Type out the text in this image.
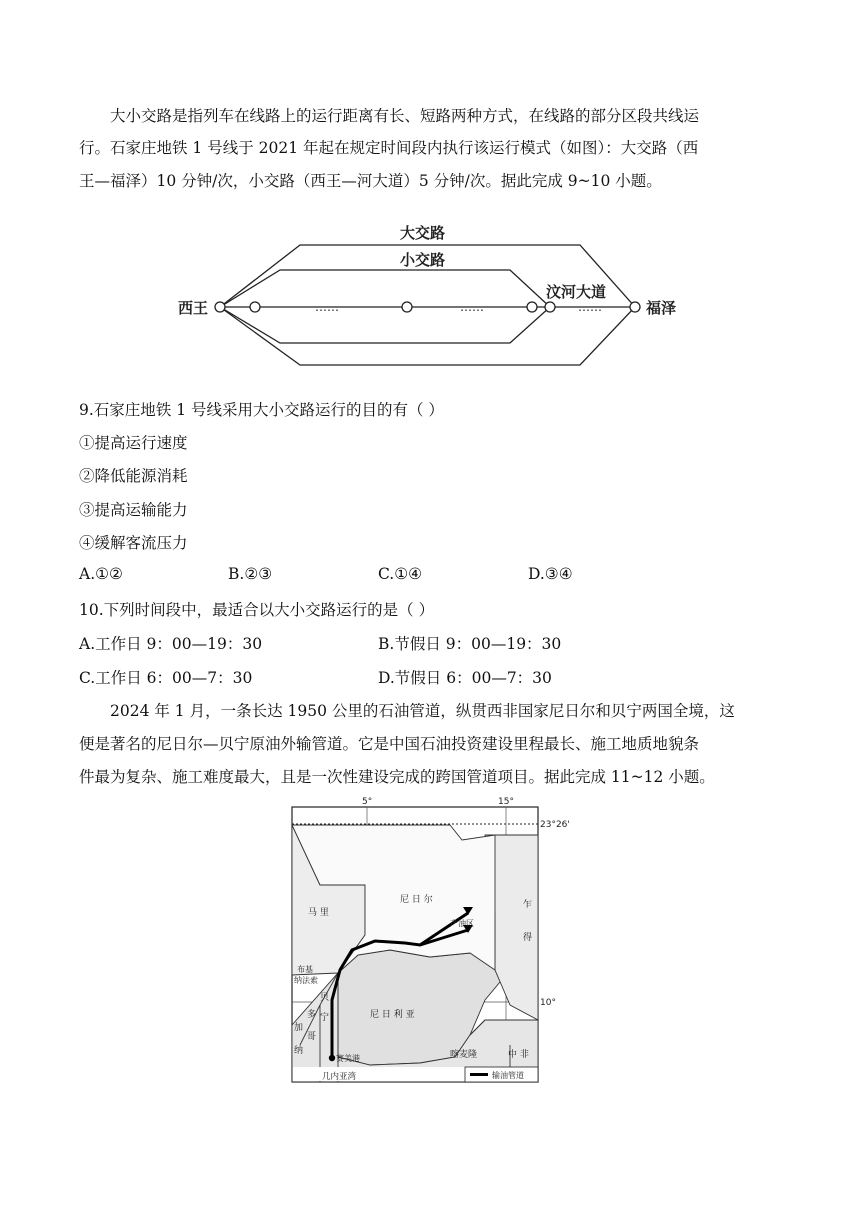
大小交路是指列车在线路上的运行距离有长、短路两种方式，在线路的部分区段共线运
行。石家庄地铁 1 号线于 2021 年起在规定时间段内执行该运行模式（如图）：大交路（西
王—福泽）10 分钟/次，小交路（西王—河大道）5 分钟/次。据此完成 9~10 小题。
……	……	……
大交路
小交路
西王
汶河大道
福泽
9.石家庄地铁 1 号线采用大小交路运行的目的有（ ）
①提高运行速度
②降低能源消耗
③提高运输能力
④缓解客流压力
A.①②	B.②③	C.①④	D.③④
10.下列时间段中，最适合以大小交路运行的是（ ）
A.工作日 9：00—19：30	B.节假日 9：00—19：30
C.工作日 6：00—7：30	D.节假日 6：00—7：30
2024 年 1 月，一条长达 1950 公里的石油管道，纵贯西非国家尼日尔和贝宁两国全境，这
便是著名的尼日尔—贝宁原油外输管道。它是中国石油投资建设里程最长、施工地质地貌条
件最为复杂、施工难度最大，且是一次性建设完成的跨国管道项目。据此完成 11~12 小题。
5°	15°
23°26'
10°
马 里
尼 日 尔	乍
得
产油区
布基
纳法索
贝
宁
多
哥
加
纳
尼 日 利 亚
喀麦隆	中 非
赛美港
几内亚湾	输油管道
